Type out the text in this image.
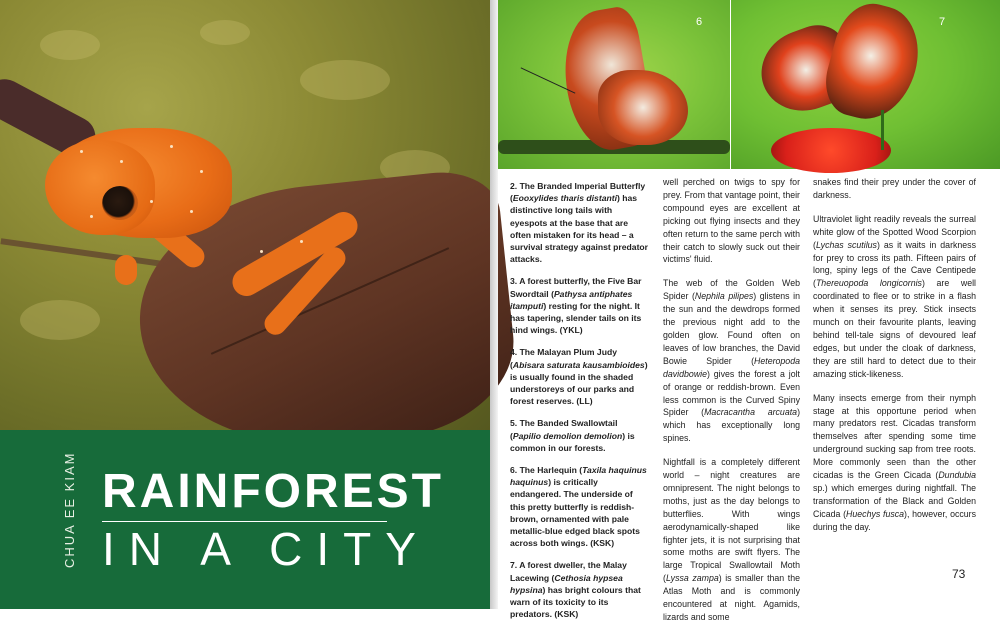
CHUA EE KIAM RAINFOREST
IN A CITY
6	7

2. The Branded Imperial Butterfly (Eooxylides tharis distanti) has distinctive long tails with eyespots at the base that are often mistaken for its head – a survival strategy against predator attacks.

3. A forest butterfly, the Five Bar Swordtail (Pathysa antiphates itamputi) resting for the night. It has tapering, slender tails on its hind wings. (YKL)

4. The Malayan Plum Judy (Abisara saturata kausambioides) is usually found in the shaded understoreys of our parks and forest reserves. (LL)

5. The Banded Swallowtail (Papilio demolion demolion) is common in our forests.

6. The Harlequin (Taxila haquinus haquinus) is critically endangered. The underside of this pretty butterfly is reddish-brown, ornamented with pale metallic-blue edged black spots across both wings. (KSK)

7. A forest dweller, the Malay Lacewing (Cethosia hypsea hypsina) has bright colours that warn of its toxicity to its predators. (KSK)

well perched on twigs to spy for prey. From that vantage point, their compound eyes are excellent at picking out flying insects and they often return to the same perch with their catch to slowly suck out their victims' fluid.

The web of the Golden Web Spider (Nephila pilipes) glistens in the sun and the dewdrops formed the previous night add to the golden glow. Found often on leaves of low branches, the David Bowie Spider (Heteropoda davidbowie) gives the forest a jolt of orange or reddish-brown. Even less common is the Curved Spiny Spider (Macracantha arcuata) which has exceptionally long spines.

Nightfall is a completely different world – night creatures are omnipresent. The night belongs to moths, just as the day belongs to butterflies. With wings aerodynamically-shaped like fighter jets, it is not surprising that some moths are swift flyers. The large Tropical Swallowtail Moth (Lyssa zampa) is smaller than the Atlas Moth and is commonly encountered at night. Agamids, lizards and some

snakes find their prey under the cover of darkness.

Ultraviolet light readily reveals the surreal white glow of the Spotted Wood Scorpion (Lychas scutilus) as it waits in darkness for prey to cross its path. Fifteen pairs of long, spiny legs of the Cave Centipede (Thereuopoda longicornis) are well coordinated to flee or to strike in a flash when it senses its prey. Stick insects munch on their favourite plants, leaving behind tell-tale signs of devoured leaf edges, but under the cloak of darkness, they are still hard to detect due to their amazing stick-likeness.

Many insects emerge from their nymph stage at this opportune period when many predators rest. Cicadas transform themselves after spending some time underground sucking sap from tree roots. More commonly seen than the other cicadas is the Green Cicada (Dundubia sp.) which emerges during nightfall. The transformation of the Black and Golden Cicada (Huechys fusca), however, occurs during the day.

73
